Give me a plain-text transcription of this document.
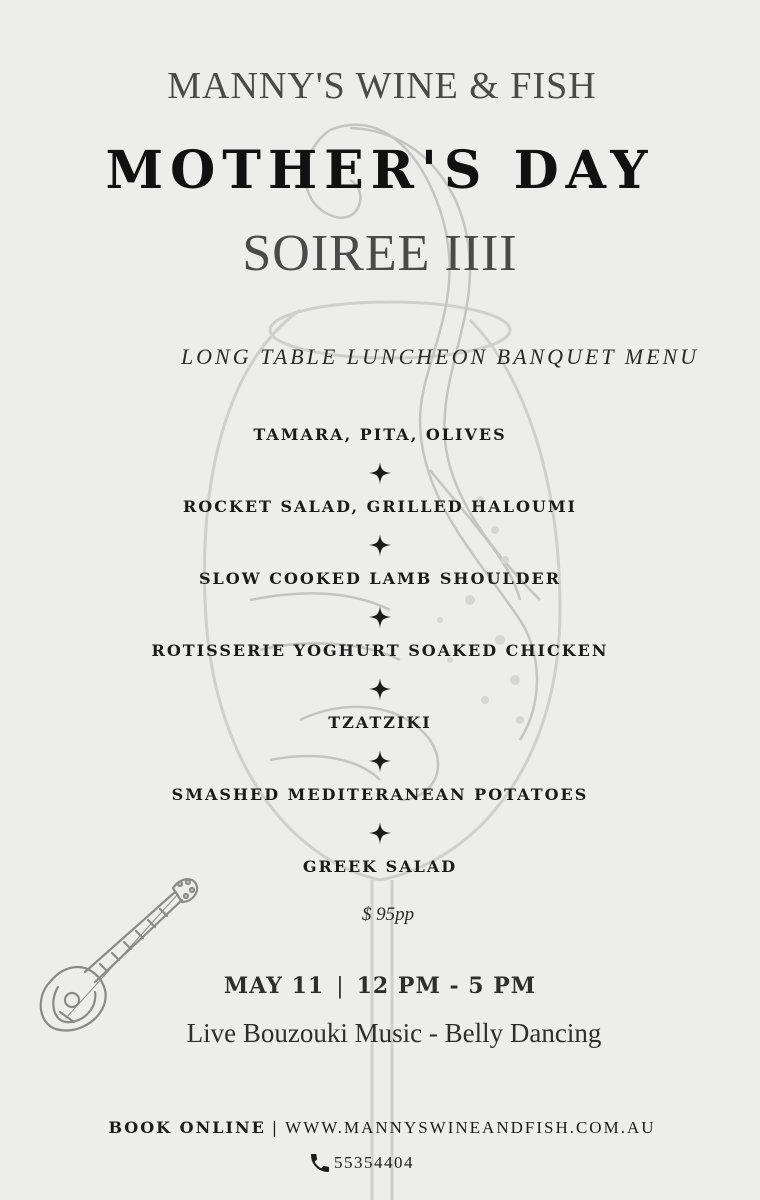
MANNY'S WINE & FISH
MOTHER'S DAY
SOIREE IIII
LONG TABLE LUNCHEON BANQUET MENU
TAMARA, PITA, OLIVES
ROCKET SALAD, GRILLED HALOUMI
SLOW COOKED LAMB SHOULDER
ROTISSERIE YOGHURT SOAKED CHICKEN
TZATZIKI
SMASHED MEDITERANEAN POTATOES
GREEK SALAD
$ 95pp
MAY 11 | 12 PM - 5 PM
Live Bouzouki Music - Belly Dancing
BOOK ONLINE | WWW.MANNYSWINEANDFISH.COM.AU
55354404
